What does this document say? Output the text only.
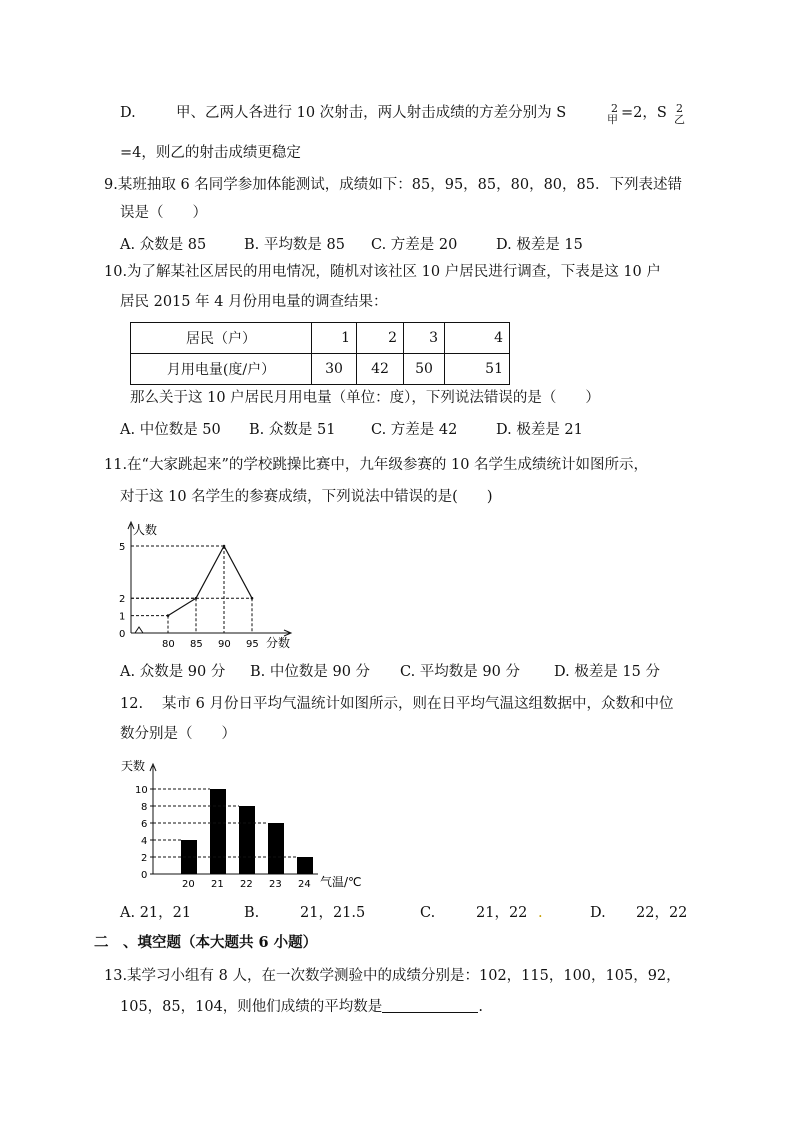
D.	甲、乙两人各进行 10 次射击，两人射击成绩的方差分别为 S	2
甲 =2，S 2
乙
=4，则乙的射击成绩更稳定
9.某班抽取 6 名同学参加体能测试，成绩如下：85，95，85，80，80，85．下列表述错
误是（　　）
A. 众数是 85	B. 平均数是 85 C. 方差是 20	D. 极差是 15
10.为了解某社区居民的用电情况，随机对该社区 10 户居民进行调查，下表是这 10 户
居民 2015 年 4 月份用电量的调查结果：
居民（户）	1	2	3	4
月用电量(度/户）	30	42	50	51
那么关于这 10 户居民月用电量（单位：度），下列说法错误的是（　　）
A. 中位数是 50 B. 众数是 51 C. 方差是 42	D. 极差是 21
11.在“大家跳起来”的学校跳操比赛中，九年级参赛的 10 名学生成绩统计如图所示，
对于这 10 名学生的参赛成绩，下列说法中错误的是(　　)
人数
分数
0
1
2
5
80 85 90 95
A. 众数是 90 分 B. 中位数是 90 分 C. 平均数是 90 分 D. 极差是 15 分
12. 某市 6 月份日平均气温统计如图所示，则在日平均气温这组数据中，众数和中位
数分别是（　　）
天数
气温/℃
0
2
4
6
8
10
20 21 22 23 24
A. 21，21	B.	21，21.5	C.	21，22 .	D. 22，22
二　、填空题（本大题共 6 小题）
13.某学习小组有 8 人，在一次数学测验中的成绩分别是：102，115，100，105，92，
105，85，104，则他们成绩的平均数是	.
